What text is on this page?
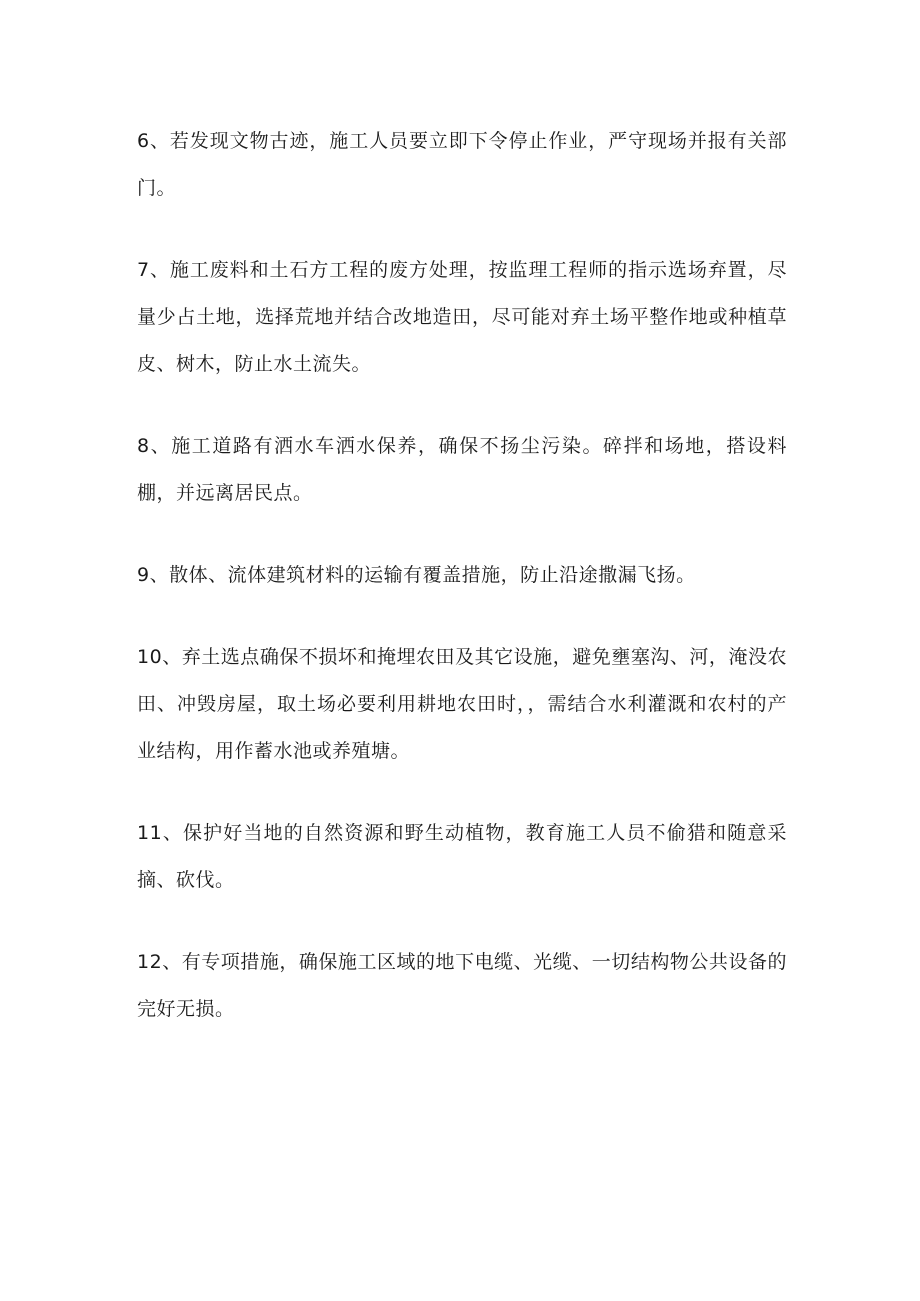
6、若发现文物古迹，施工人员要立即下令停止作业，严守现场并报有关部门。

7、施工废料和土石方工程的废方处理，按监理工程师的指示选场弃置，尽量少占土地，选择荒地并结合改地造田，尽可能对弃土场平整作地或种植草皮、树木，防止水土流失。

8、施工道路有洒水车洒水保养，确保不扬尘污染。碎拌和场地，搭设料棚，并远离居民点。

9、散体、流体建筑材料的运输有覆盖措施，防止沿途撒漏飞扬。

10、弃土选点确保不损坏和掩埋农田及其它设施，避免壅塞沟、河，淹没农田、冲毁房屋，取土场必要利用耕地农田时，，需结合水利灌溉和农村的产业结构，用作蓄水池或养殖塘。

11、保护好当地的自然资源和野生动植物，教育施工人员不偷猎和随意采摘、砍伐。

12、有专项措施，确保施工区域的地下电缆、光缆、一切结构物公共设备的完好无损。
